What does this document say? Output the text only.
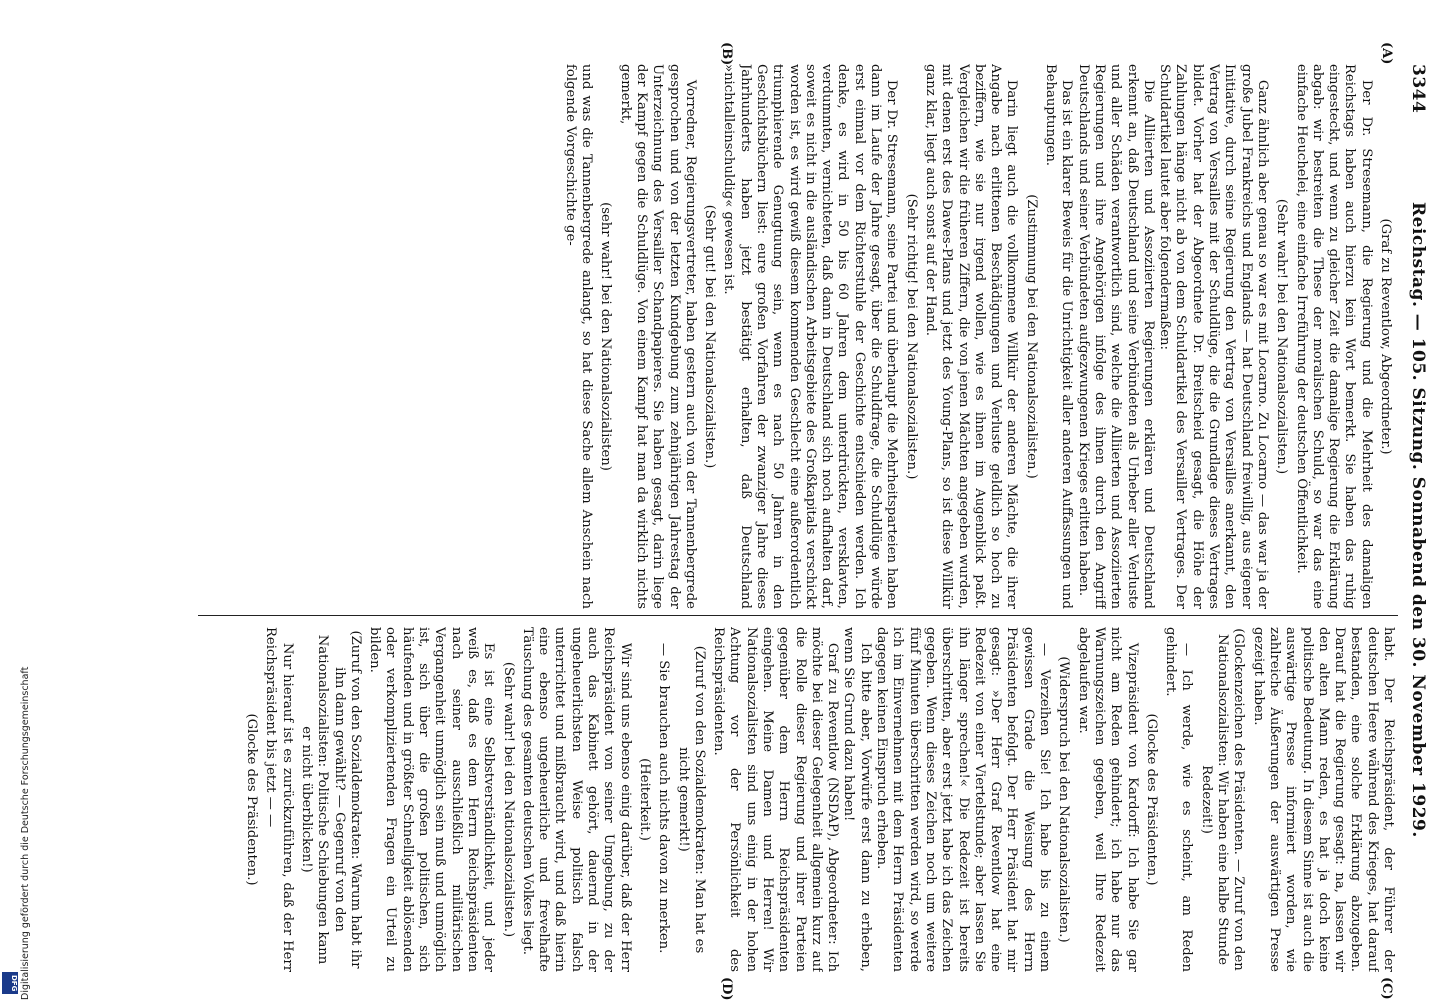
3344
Reichstag. — 105. Sitzung. Sonnabend den 30. November 1929.
(A)
(B)
(C)
(D)

(Graf zu Reventlow, Abgeordneter.)

Der Dr. Stresemann, die Regierung und die Mehrheit des damaligen Reichstags haben auch hierzu kein Wort bemerkt. Sie haben das ruhig eingesteckt, und wenn zu gleicher Zeit die damalige Regierung die Erklärung abgab: wir bestreiten die These der moralischen Schuld, so war das eine einfache Heuchelei, eine einfache Irreführung der deutschen Öffentlichkeit.

(Sehr wahr! bei den Nationalsozialisten.)

Ganz ähnlich aber genau so war es mit Locarno. Zu Locarno — das war ja der große Jubel Frankreichs und Englands — hat Deutschland freiwillig, aus eigener Initiative, durch seine Regierung den Vertrag von Versailles anerkannt, den Vertrag von Versailles mit der Schuldlüge, die die Grundlage dieses Vertrages bildet. Vorher hat der Abgeordnete Dr. Breitscheid gesagt, die Höhe der Zahlungen hänge nicht ab von dem Schuldartikel des Versailler Vertrages. Der Schuldartikel lautet aber folgendermaßen:

Die Alliierten und Assoziierten Regierungen erklären und Deutschland erkennt an, daß Deutschland und seine Verbündeten als Urheber aller Verluste und aller Schäden verantwortlich sind, welche die Alliierten und Assoziierten Regierungen und ihre Angehörigen infolge des ihnen durch den Angriff Deutschlands und seiner Verbündeten aufgezwungenen Krieges erlitten haben.

Das ist ein klarer Beweis für die Unrichtigkeit aller anderen Auffassungen und Behauptungen.

(Zustimmung bei den Nationalsozialisten.)

Darin liegt auch die vollkommene Willkür der anderen Mächte, die ihrer Angabe nach erlittenen Beschädigungen und Verluste geldlich so hoch zu beziffern, wie sie nur irgend wollen, wie es ihnen im Augenblick paßt. Vergleichen wir die früheren Ziffern, die von jenen Mächten angegeben wurden, mit denen erst des Dawes-Plans und jetzt des Young-Plans, so ist diese Willkür ganz klar, liegt auch sonst auf der Hand.

(Sehr richtig! bei den Nationalsozialisten.)

Der Dr. Stresemann, seine Partei und überhaupt die Mehrheitsparteien haben dann im Laufe der Jahre gesagt, über die Schuldfrage, die Schuldlüge würde erst einmal vor dem Richterstuhle der Geschichte entschieden werden. Ich denke, es wird in 50 bis 60 Jahren dem unterdrückten, versklavten, verdummten, vernichteten, daß dann in Deutschland sich noch aufhalten darf, soweit es nicht in die ausländischen Arbeitsgebiete des Großkapitals verschickt worden ist, es wird gewiß diesem kommenden Geschlecht eine außerordentlich triumphierende Genugtuung sein, wenn es nach 50 Jahren in den Geschichtsbüchern liest: eure großen Vorfahren der zwanziger Jahre dieses Jahrhunderts haben jetzt bestätigt erhalten, daß Deutschland »nichtalleinschuldig« gewesen ist.

(Sehr gut! bei den Nationalsozialisten.)

Vorredner, Regierungsvertreter, haben gestern auch von der Tannenbergrede gesprochen und von der letzten Kundgebung zum zehnjährigen Jahrestag der Unterzeichnung des Versailler Schandpapieres. Sie haben gesagt, darin liege der Kampf gegen die Schuldlüge. Von einem Kampf hat man da wirklich nichts gemerkt,

(sehr wahr! bei den Nationalsozialisten)

und was die Tannenbergrede anlangt, so hat diese Sache allem Anschein nach folgende Vorgeschichte ge-

habt. Der Reichspräsident, der Führer der deutschen Heere während des Krieges, hat darauf bestanden, eine solche Erklärung abzugeben. Darauf hat die Regierung gesagt: na, lassen wir den alten Mann reden, es hat ja doch keine politische Bedeutung. In diesem Sinne ist auch die auswärtige Presse informiert worden, wie zahlreiche Äußerungen der auswärtigen Presse gezeigt haben.

(Glockenzeichen des Präsidenten. — Zuruf von den Nationalsozialisten: Wir haben eine halbe Stunde Redezeit!)

— Ich werde, wie es scheint, am Reden gehindert.

(Glocke des Präsidenten.)

Vizepräsident von Kardorff: Ich habe Sie gar nicht am Reden gehindert; ich habe nur das Warnungszeichen gegeben, weil Ihre Redezeit abgelaufen war.

(Widerspruch bei den Nationalsozialisten.)

— Verzeihen Sie! Ich habe bis zu einem gewissen Grade die Weisung des Herrn Präsidenten befolgt. Der Herr Präsident hat mir gesagt: »Der Herr Graf Reventlow hat eine Redezeit von einer Viertelstunde; aber lassen Sie ihn länger sprechen!« Die Redezeit ist bereits überschritten, aber erst jetzt habe ich das Zeichen gegeben. Wenn dieses Zeichen noch um weitere fünf Minuten überschritten werden wird, so werde ich im Einvernehmen mit dem Herrn Präsidenten dagegen keinen Einspruch erheben.

Ich bitte aber, Vorwürfe erst dann zu erheben, wenn Sie Grund dazu haben!

Graf zu Reventlow (NSDAP), Abgeordneter: Ich möchte bei dieser Gelegenheit allgemein kurz auf die Rolle dieser Regierung und ihrer Parteien gegenüber dem Herrn Reichspräsidenten eingehen. Meine Damen und Herren! Wir Nationalsozialisten sind uns einig in der hohen Achtung vor der Persönlichkeit des Reichspräsidenten.

(Zuruf von den Sozialdemokraten: Man hat es nicht gemerkt!)

— Sie brauchen auch nichts davon zu merken.

(Heiterkeit.)

Wir sind uns ebenso einig darüber, daß der Herr Reichspräsident von seiner Umgebung, zu der auch das Kabinett gehört, dauernd in der ungeheuerlichsten Weise politisch falsch unterrichtet und mißbraucht wird, und daß hierin eine ebenso ungeheuerliche und frevelhafte Täuschung des gesamten deutschen Volkes liegt.

(Sehr wahr! bei den Nationalsozialisten.)

Es ist eine Selbstverständlichkeit, und jeder weiß es, daß es dem Herrn Reichspräsidenten nach seiner ausschließlich militärischen Vergangenheit unmöglich sein muß und unmöglich ist, sich über die großen politischen, sich häufenden und in größter Schnelligkeit ablösenden oder verkompliziertenden Fragen ein Urteil zu bilden.

(Zuruf von den Sozialdemokraten: Warum habt ihr ihn dann gewählt? — Gegenruf von den Nationalsozialisten: Politische Schiebungen kann er nicht überblicken!)

Nur hierauf ist es zurückzuführen, daß der Herr Reichspräsident bis jetzt — —

(Glocke des Präsidenten.)

DFG Digitalisierung gefördert durch die Deutsche Forschungsgemeinschaft
